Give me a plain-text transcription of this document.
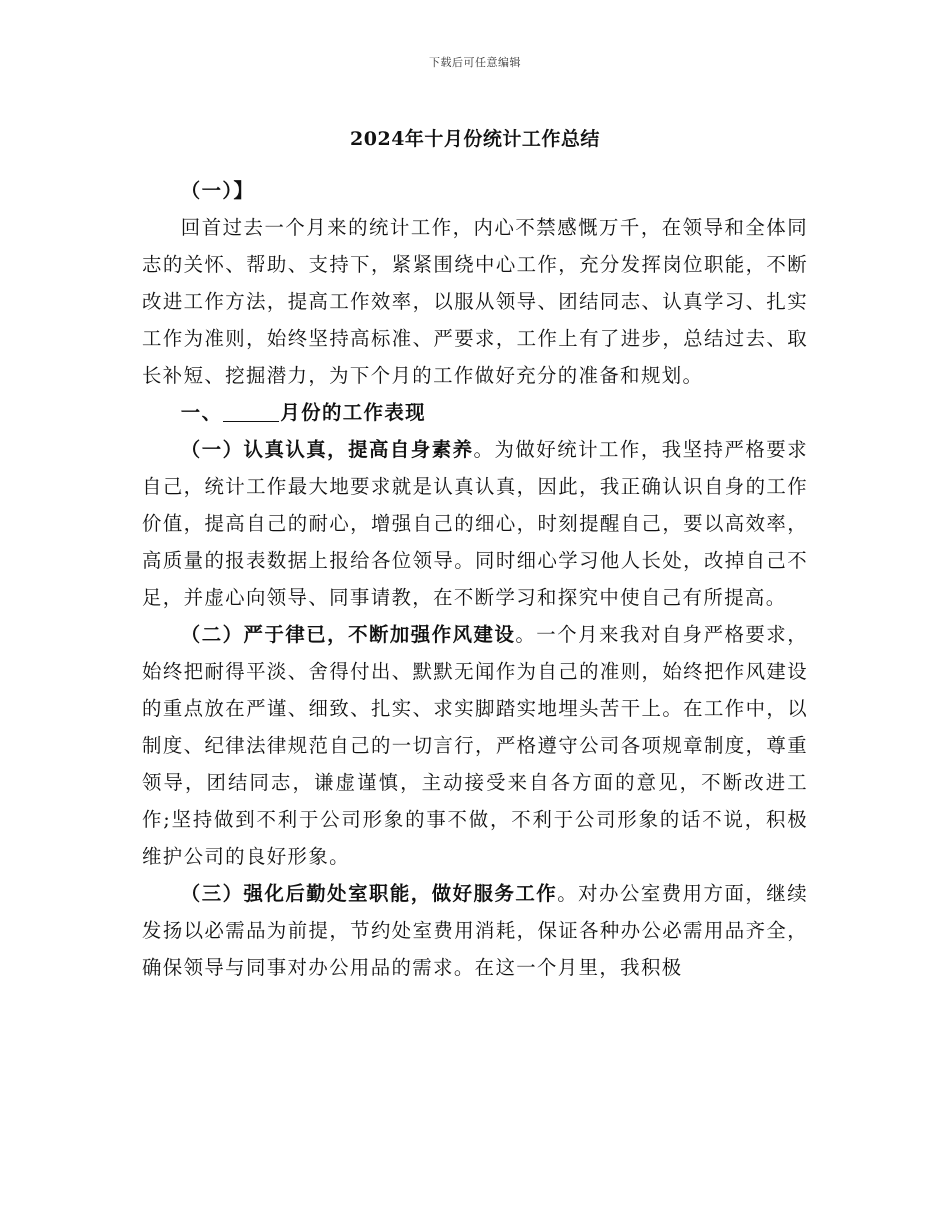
下载后可任意编辑
2024年十月份统计工作总结

（一）】

回首过去一个月来的统计工作，内心不禁感慨万千，在领导和全体同志的关怀、帮助、支持下，紧紧围绕中心工作，充分发挥岗位职能，不断改进工作方法，提高工作效率，以服从领导、团结同志、认真学习、扎实工作为准则，始终坚持高标准、严要求，工作上有了进步，总结过去、取长补短、挖掘潜力，为下个月的工作做好充分的准备和规划。

一、	月份的工作表现

（一）认真认真，提高自身素养。为做好统计工作，我坚持严格要求自己，统计工作最大地要求就是认真认真，因此，我正确认识自身的工作价值，提高自己的耐心，增强自己的细心，时刻提醒自己，要以高效率，高质量的报表数据上报给各位领导。同时细心学习他人长处，改掉自己不足，并虚心向领导、同事请教，在不断学习和探究中使自己有所提高。

（二）严于律已，不断加强作风建设。一个月来我对自身严格要求，始终把耐得平淡、舍得付出、默默无闻作为自己的准则，始终把作风建设的重点放在严谨、细致、扎实、求实脚踏实地埋头苦干上。在工作中，以制度、纪律法律规范自己的一切言行，严格遵守公司各项规章制度，尊重领导，团结同志，谦虚谨慎，主动接受来自各方面的意见，不断改进工作;坚持做到不利于公司形象的事不做，不利于公司形象的话不说，积极维护公司的良好形象。

（三）强化后勤处室职能，做好服务工作。对办公室费用方面，继续发扬以必需品为前提，节约处室费用消耗，保证各种办公必需用品齐全，确保领导与同事对办公用品的需求。在这一个月里，我积极
